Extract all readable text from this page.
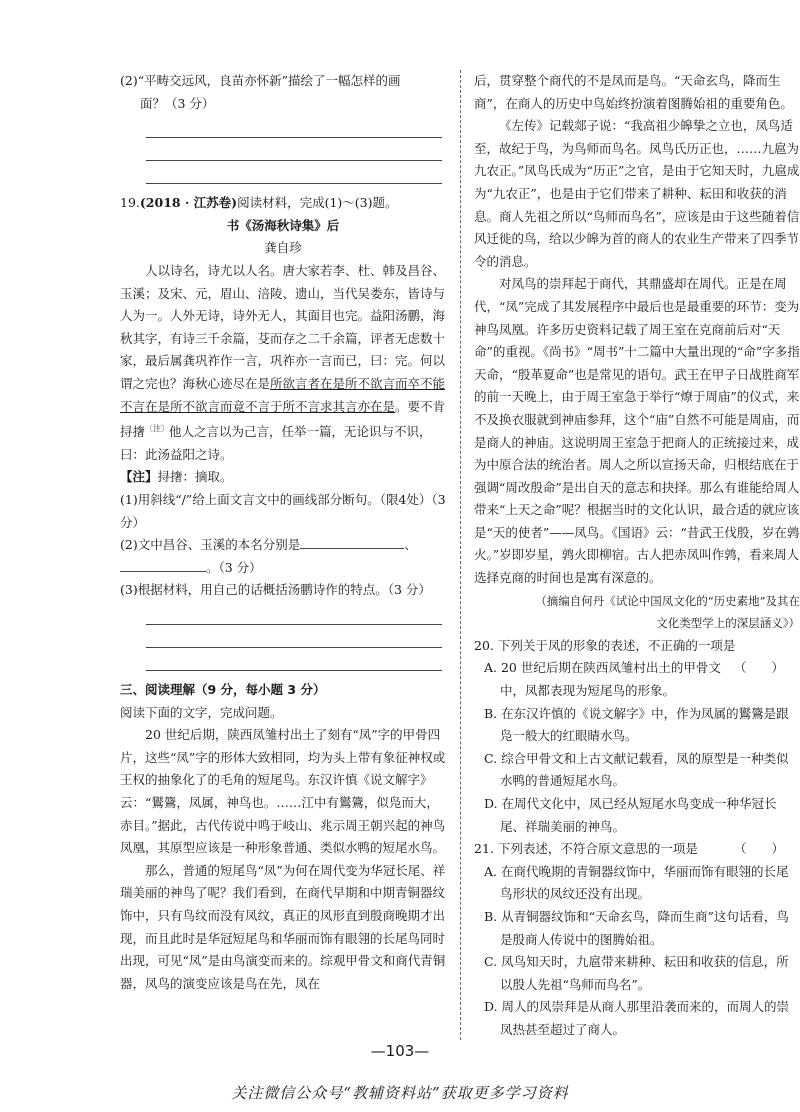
(2)“平畴交远风，良苗亦怀新”描绘了一幅怎样的画

面？（3 分）

19.(2018 · 江苏卷)阅读材料，完成(1)～(3)题。

书《汤海秋诗集》后

龚自珍

人以诗名，诗尤以人名。唐大家若李、杜、韩及昌谷、玉溪；及宋、元，眉山、涪陵、遗山，当代吴娄东，皆诗与人为一。人外无诗，诗外无人，其面目也完。益阳汤鹏，海秋其字，有诗三千余篇，芟而存之二千余篇，评者无虑数十家，最后属龚巩祚作一言，巩祚亦一言而已，曰：完。何以谓之完也？海秋心迹尽在是所欲言者在是所不欲言而卒不能不言在是所不欲言而竟不言于所不言求其言亦在是。要不肯挦撦$^{〔注〕}$他人之言以为己言，任举一篇，无论识与不识，曰：此汤益阳之诗。

【注】挦撦：摘取。

(1)用斜线“/”给上面文言文中的画线部分断句。（限4处）（3 分）

(2)文中昌谷、玉溪的本名分别是	、

。（3 分）

(3)根据材料，用自己的话概括汤鹏诗作的特点。（3 分）

三、阅读理解（9 分，每小题 3 分）

阅读下面的文字，完成问题。

20 世纪后期，陕西凤雏村出土了刻有“凤”字的甲骨四片，这些“凤”字的形体大致相同，均为头上带有象征神权或王权的抽象化了的毛角的短尾鸟。东汉许慎《说文解字》云：“鸑鷟，凤属，神鸟也。……江中有鸑鷟，似凫而大，赤目。”据此，古代传说中鸣于岐山、兆示周王朝兴起的神鸟凤凰，其原型应该是一种形象普通、类似水鸭的短尾水鸟。

那么，普通的短尾鸟“凤”为何在周代变为华冠长尾、祥瑞美丽的神鸟了呢？我们看到，在商代早期和中期青铜器纹饰中，只有鸟纹而没有凤纹，真正的凤形直到殷商晚期才出现，而且此时是华冠短尾鸟和华丽而饰有眼翎的长尾鸟同时出现，可见“凤”是由鸟演变而来的。综观甲骨文和商代青铜器，凤鸟的演变应该是鸟在先，凤在

后，贯穿整个商代的不是凤而是鸟。“天命玄鸟，降而生商”，在商人的历史中鸟始终扮演着图腾始祖的重要角色。

《左传》记载郯子说：“我高祖少皞挚之立也，凤鸟适至，故纪于鸟，为鸟师而鸟名。凤鸟氏历正也，……九扈为九农正。”凤鸟氏成为“历正”之官，是由于它知天时，九扈成为“九农正”，也是由于它们带来了耕种、耘田和收获的消息。商人先祖之所以“鸟师而鸟名”，应该是由于这些随着信风迁徙的鸟，给以少皞为首的商人的农业生产带来了四季节令的消息。

对凤鸟的崇拜起于商代，其鼎盛却在周代。正是在周代，“凤”完成了其发展程序中最后也是最重要的环节：变为神鸟凤凰。许多历史资料记载了周王室在克商前后对“天命”的重视。《尚书》“周书”十二篇中大量出现的“命”字多指天命，“殷革夏命”也是常见的语句。武王在甲子日战胜商军的前一天晚上，由于周王室急于举行“燎于周庙”的仪式，来不及换衣服就到神庙参拜，这个“庙”自然不可能是周庙，而是商人的神庙。这说明周王室急于把商人的正统接过来，成为中原合法的统治者。周人之所以宣扬天命，归根结底在于强调“周改殷命”是出自天的意志和抉择。那么有谁能给周人带来“上天之命”呢？根据当时的文化认识，最合适的就应该是“天的使者”——凤鸟。《国语》云：“昔武王伐殷，岁在鹑火。”岁即岁星，鹑火即柳宿。古人把赤凤叫作鹑，看来周人选择克商的时间也是寓有深意的。

（摘编自何丹《试论中国凤文化的“历史素地”及其在

文化类型学上的深层涵义》）

20. 下列关于凤的形象的表述，不正确的一项是
（　　）

A. 20 世纪后期在陕西凤雏村出土的甲骨文中，凤都表现为短尾鸟的形象。

B. 在东汉许慎的《说文解字》中，作为凤属的鸑鷟是跟凫一般大的红眼睛水鸟。

C. 综合甲骨文和上古文献记载看，凤的原型是一种类似水鸭的普通短尾水鸟。

D. 在周代文化中，凤已经从短尾水鸟变成一种华冠长尾、祥瑞美丽的神鸟。

21. 下列表述，不符合原文意思的一项是	（　　）

A. 在商代晚期的青铜器纹饰中，华丽而饰有眼翎的长尾鸟形状的凤纹还没有出现。

B. 从青铜器纹饰和“天命玄鸟，降而生商”这句话看，鸟是殷商人传说中的图腾始祖。

C. 凤鸟知天时，九扈带来耕种、耘田和收获的信息，所以殷人先祖“鸟师而鸟名”。

D. 周人的凤崇拜是从商人那里沿袭而来的，而周人的崇凤热甚至超过了商人。

—103—
关注微信公众号“教辅资料站”获取更多学习资料
